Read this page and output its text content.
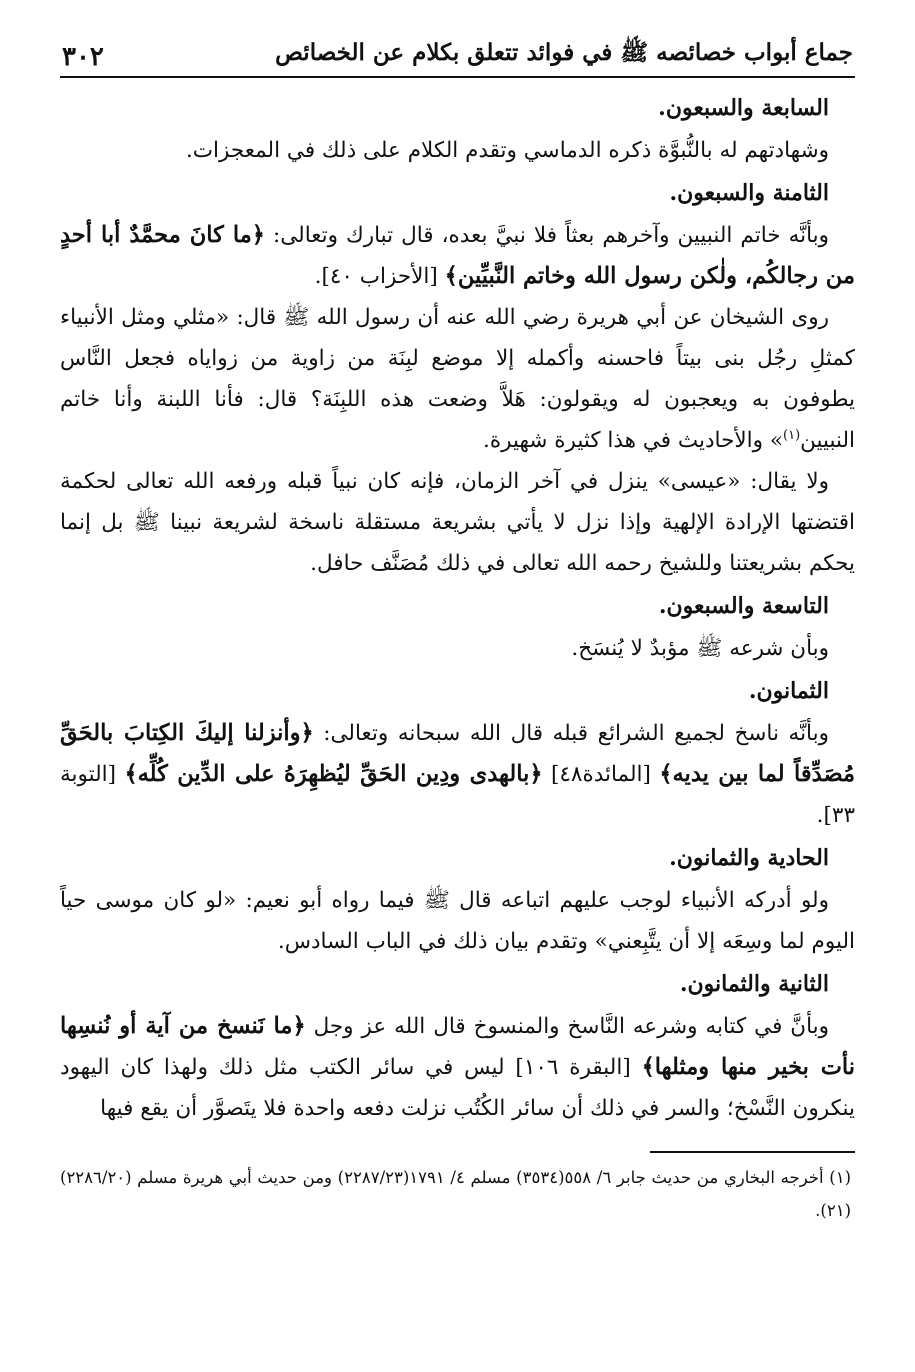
جماع أبواب خصائصه ﷺ في فوائد تتعلق بكلام عن الخصائص
٣٠٢

السابعة والسبعون.

وشهادتهم له بالنُّبوَّة ذكره الدماسي وتقدم الكلام على ذلك في المعجزات.

الثامنة والسبعون.

وبأنَّه خاتم النبيين وآخرهم بعثاً فلا نبيَّ بعده، قال تبارك وتعالى: ﴿ما كانَ محمَّدٌ أبا أحدٍ من رجالكُم، ولٰكن رسول الله وخاتم النَّبيِّين﴾ [الأحزاب ٤٠].

روى الشيخان عن أبي هريرة رضي الله عنه أن رسول الله ﷺ قال: «مثلي ومثل الأنبياء كمثلِ رجُل بنى بيتاً فاحسنه وأكمله إلا موضع لبِنَة من زاوية من زواياه فجعل النَّاس يطوفون به ويعجبون له ويقولون: هَلاَّ وضعت هذه اللبِنَة؟ قال: فأنا اللبنة وأنا خاتم النبيين$^{(١)}$» والأحاديث في هذا كثيرة شهيرة.

ولا يقال: «عيسى» ينزل في آخر الزمان، فإنه كان نبياً قبله ورفعه الله تعالى لحكمة اقتضتها الإرادة الإلهية وإذا نزل لا يأتي بشريعة مستقلة ناسخة لشريعة نبينا ﷺ بل إنما يحكم بشريعتنا وللشيخ رحمه الله تعالى في ذلك مُصَنَّف حافل.

التاسعة والسبعون.

وبأن شرعه ﷺ مؤبدٌ لا يُنسَخ.

الثمانون.

وبأنَّه ناسخ لجميع الشرائع قبله قال الله سبحانه وتعالى: ﴿وأنزلنا إليكَ الكِتابَ بالحَقِّ مُصَدِّقاً لما بين يديه﴾ [المائدة٤٨] ﴿بالهدى ودِين الحَقِّ ليُظهِرَهُ على الدِّين كُلِّه﴾ [التوبة ٣٣].

الحادية والثمانون.

ولو أدركه الأنبياء لوجب عليهم اتباعه قال ﷺ فيما رواه أبو نعيم: «لو كان موسى حياً اليوم لما وسِعَه إلا أن يتَّبِعني» وتقدم بيان ذلك في الباب السادس.

الثانية والثمانون.

وبأنَّ في كتابه وشرعه النَّاسخ والمنسوخ قال الله عز وجل ﴿ما نَنسخ من آية أو نُنسِها نأت بخير منها ومثلها﴾ [البقرة ١٠٦] ليس في سائر الكتب مثل ذلك ولهذا كان اليهود ينكرون النَّسْخ؛ والسر في ذلك أن سائر الكُتُب نزلت دفعه واحدة فلا يتَصوَّر أن يقع فيها

(١) أخرجه البخاري من حديث جابر ٦/ ٥٥٨(٣٥٣٤) مسلم ٤/ ١٧٩١(٢٢٨٧/٢٣) ومن حديث أبي هريرة مسلم (٢٢٨٦/٢٠) (٢١).
